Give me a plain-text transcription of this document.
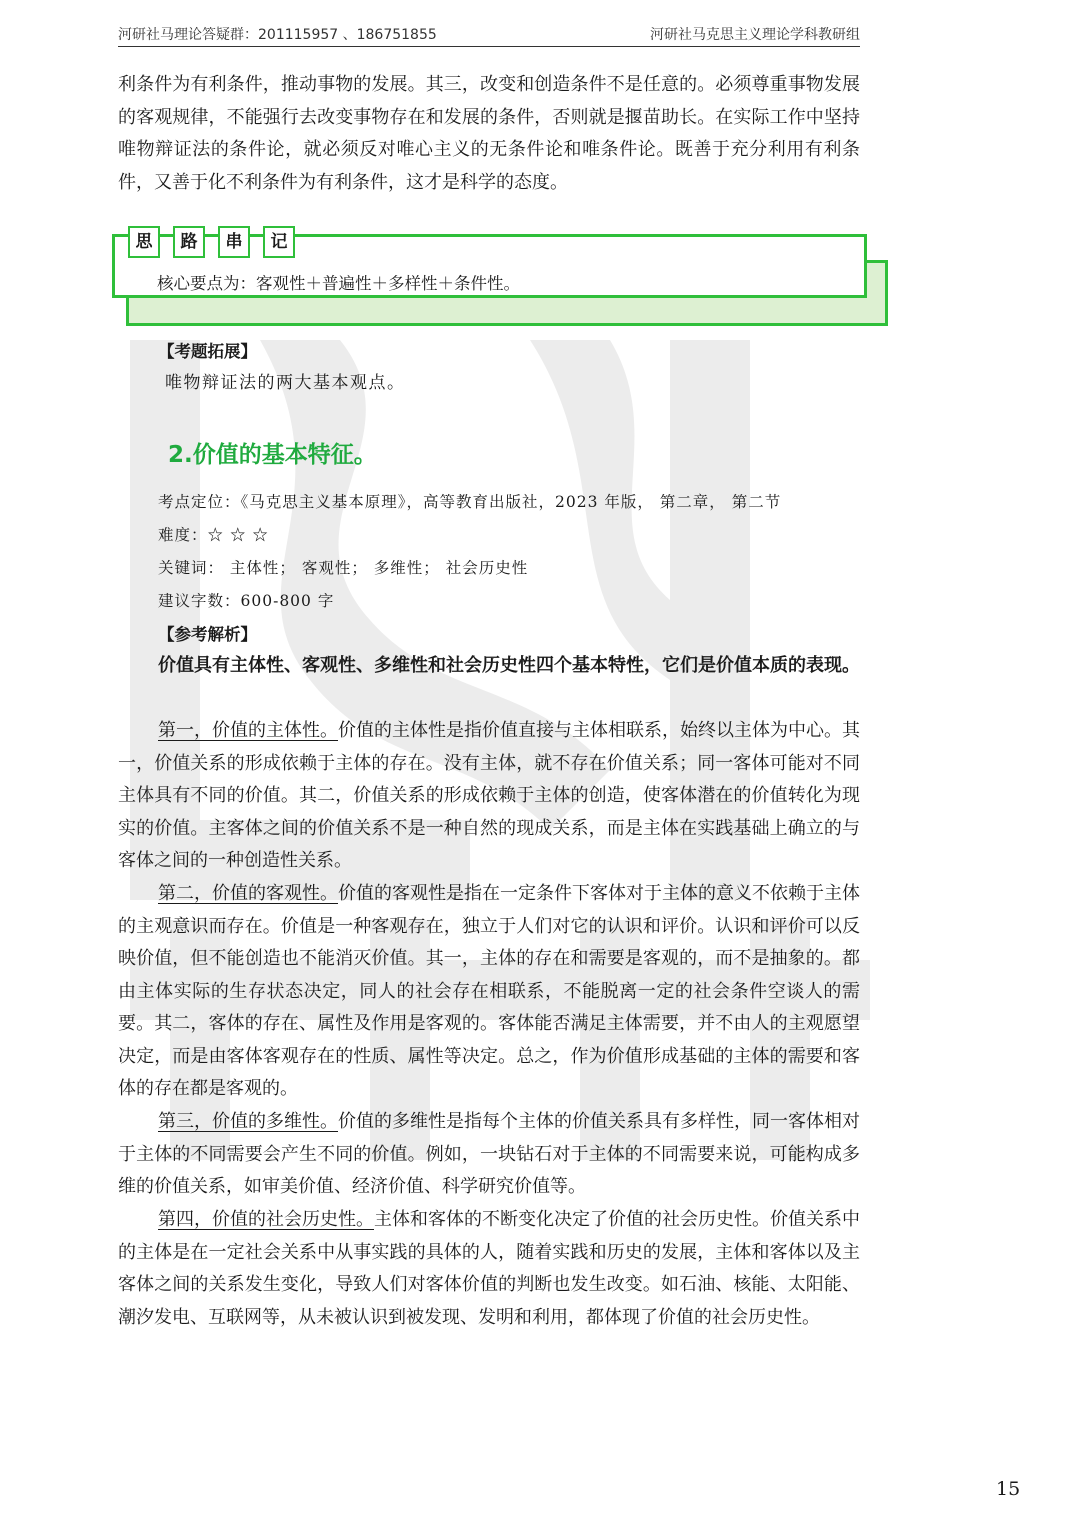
河研社马理论答疑群：201115957 、186751855	河研社马克思主义理论学科教研组

利条件为有利条件，推动事物的发展。其三，改变和创造条件不是任意的。必须尊重事物发展的客观规律，不能强行去改变事物存在和发展的条件，否则就是揠苗助长。在实际工作中坚持唯物辩证法的条件论，就必须反对唯心主义的无条件论和唯条件论。既善于充分利用有利条件，又善于化不利条件为有利条件，这才是科学的态度。

思	路	串	记
核心要点为：客观性＋普遍性＋多样性＋条件性。
【考题拓展】
唯物辩证法的两大基本观点。
2.价值的基本特征。
考点定位：《马克思主义基本原理》，高等教育出版社，2023 年版， 第二章， 第二节
难度：☆ ☆ ☆
关键词： 主体性； 客观性； 多维性； 社会历史性
建议字数：600-800 字
【参考解析】

价值具有主体性、客观性、多维性和社会历史性四个基本特性，它们是价值本质的表现。

第一，价值的主体性。价值的主体性是指价值直接与主体相联系，始终以主体为中心。其一，价值关系的形成依赖于主体的存在。没有主体，就不存在价值关系；同一客体可能对不同主体具有不同的价值。其二，价值关系的形成依赖于主体的创造，使客体潜在的价值转化为现实的价值。主客体之间的价值关系不是一种自然的现成关系，而是主体在实践基础上确立的与客体之间的一种创造性关系。

第二，价值的客观性。价值的客观性是指在一定条件下客体对于主体的意义不依赖于主体的主观意识而存在。价值是一种客观存在，独立于人们对它的认识和评价。认识和评价可以反映价值，但不能创造也不能消灭价值。其一，主体的存在和需要是客观的，而不是抽象的。都由主体实际的生存状态决定，同人的社会存在相联系，不能脱离一定的社会条件空谈人的需要。其二，客体的存在、属性及作用是客观的。客体能否满足主体需要，并不由人的主观愿望决定，而是由客体客观存在的性质、属性等决定。总之，作为价值形成基础的主体的需要和客体的存在都是客观的。

第三，价值的多维性。价值的多维性是指每个主体的价值关系具有多样性，同一客体相对于主体的不同需要会产生不同的价值。例如，一块钻石对于主体的不同需要来说，可能构成多维的价值关系，如审美价值、经济价值、科学研究价值等。

第四，价值的社会历史性。主体和客体的不断变化决定了价值的社会历史性。价值关系中的主体是在一定社会关系中从事实践的具体的人，随着实践和历史的发展，主体和客体以及主客体之间的关系发生变化，导致人们对客体价值的判断也发生改变。如石油、核能、太阳能、潮汐发电、互联网等，从未被认识到被发现、发明和利用，都体现了价值的社会历史性。

15
